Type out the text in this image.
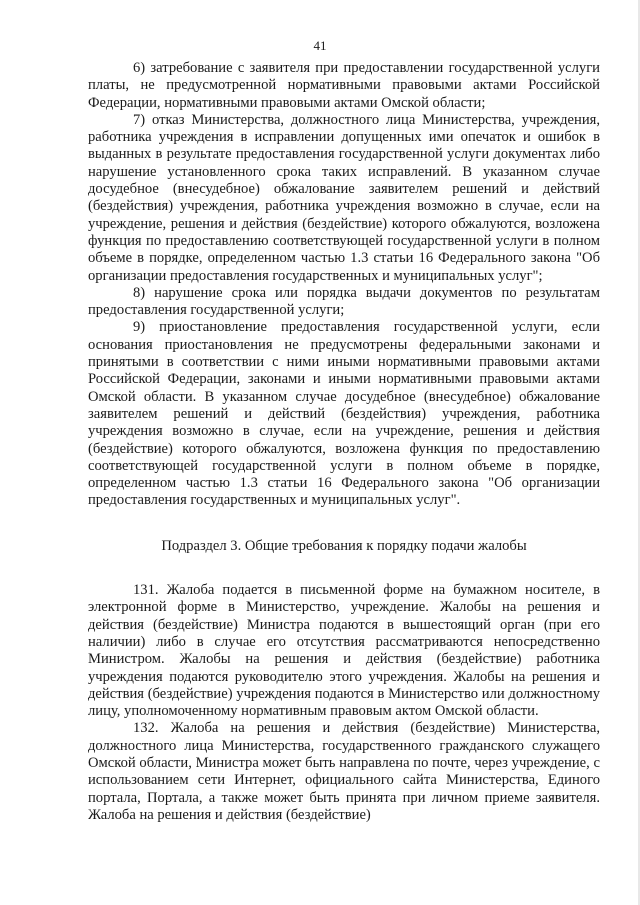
41

6) затребование с заявителя при предоставлении государственной услуги платы, не предусмотренной нормативными правовыми актами Российской Федерации, нормативными правовыми актами Омской области;

7) отказ Министерства, должностного лица Министерства, учреждения, работника учреждения в исправлении допущенных ими опечаток и ошибок в выданных в результате предоставления государственной услуги документах либо нарушение установленного срока таких исправлений. В указанном случае досудебное (внесудебное) обжалование заявителем решений и действий (бездействия) учреждения, работника учреждения возможно в случае, если на учреждение, решения и действия (бездействие) которого обжалуются, возложена функция по предоставлению соответствующей государственной услуги в полном объеме в порядке, определенном частью 1.3 статьи 16 Федерального закона "Об организации предоставления государственных и муниципальных услуг";

8) нарушение срока или порядка выдачи документов по результатам предоставления государственной услуги;

9) приостановление предоставления государственной услуги, если основания приостановления не предусмотрены федеральными законами и принятыми в соответствии с ними иными нормативными правовыми актами Российской Федерации, законами и иными нормативными правовыми актами Омской области. В указанном случае досудебное (внесудебное) обжалование заявителем решений и действий (бездействия) учреждения, работника учреждения возможно в случае, если на учреждение, решения и действия (бездействие) которого обжалуются, возложена функция по предоставлению соответствующей государственной услуги в полном объеме в порядке, определенном частью 1.3 статьи 16 Федерального закона "Об организации предоставления государственных и муниципальных услуг".

Подраздел 3. Общие требования к порядку подачи жалобы

131. Жалоба подается в письменной форме на бумажном носителе, в электронной форме в Министерство, учреждение. Жалобы на решения и действия (бездействие) Министра подаются в вышестоящий орган (при его наличии) либо в случае его отсутствия рассматриваются непосредственно Министром. Жалобы на решения и действия (бездействие) работника учреждения подаются руководителю этого учреждения. Жалобы на решения и действия (бездействие) учреждения подаются в Министерство или должностному лицу, уполномоченному нормативным правовым актом Омской области.

132. Жалоба на решения и действия (бездействие) Министерства, должностного лица Министерства, государственного гражданского служащего Омской области, Министра может быть направлена по почте, через учреждение, с использованием сети Интернет, официального сайта Министерства, Единого портала, Портала, а также может быть принята при личном приеме заявителя. Жалоба на решения и действия (бездействие)
